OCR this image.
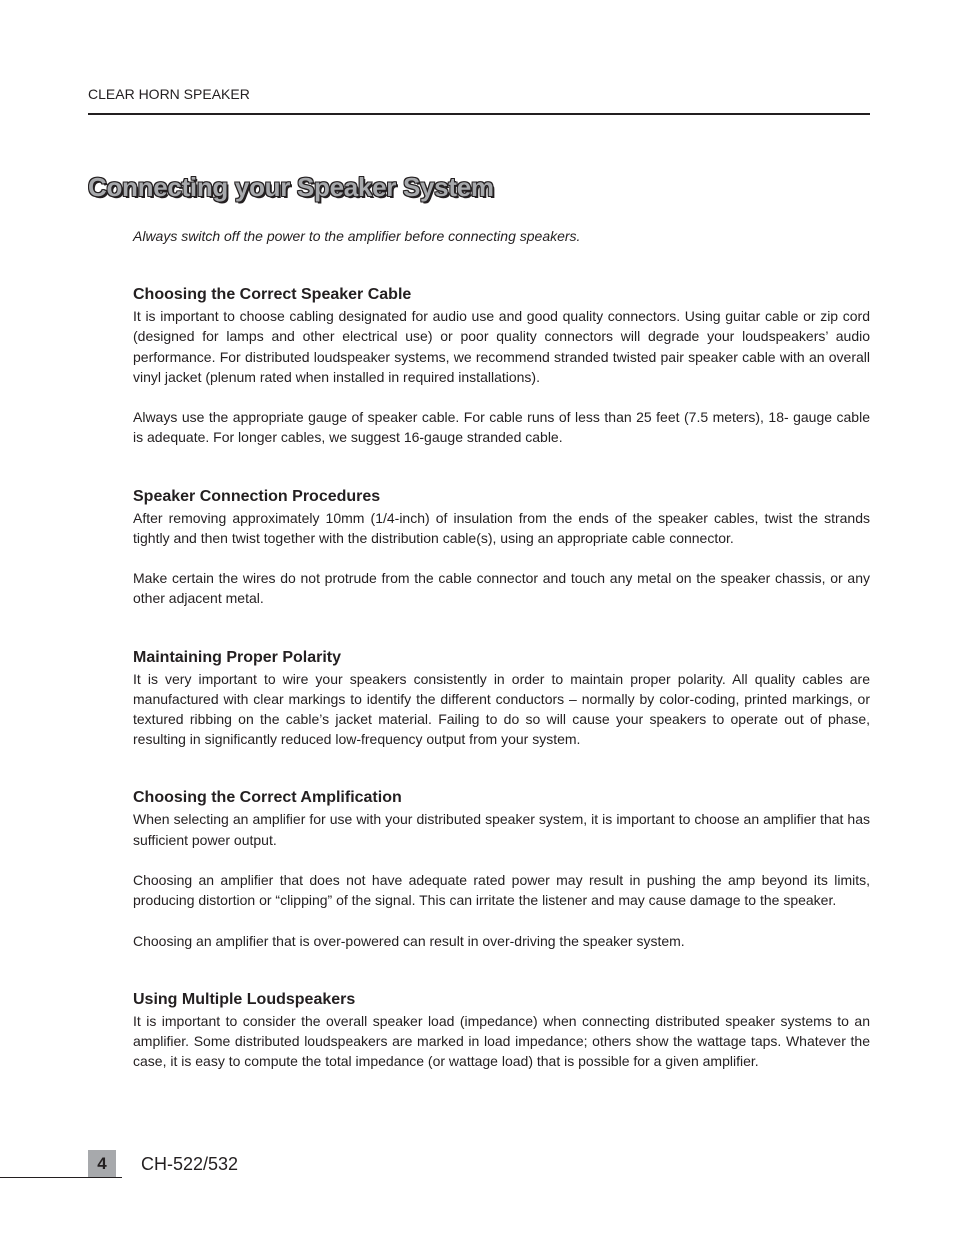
CLEAR HORN SPEAKER
Connecting your Speaker System

Always switch off the power to the amplifier before connecting speakers.

Choosing the Correct Speaker Cable

It is important to choose cabling designated for audio use and good quality connectors. Using guitar cable or zip cord (designed for lamps and other electrical use) or poor quality connectors will degrade your loudspeakers’ audio performance. For distributed loudspeaker systems, we recommend stranded twisted pair speaker cable with an overall vinyl jacket (plenum rated when installed in required installations).

Always use the appropriate gauge of speaker cable. For cable runs of less than 25 feet (7.5 meters), 18- gauge cable is adequate. For longer cables, we suggest 16-gauge stranded cable.

Speaker Connection Procedures

After removing approximately 10mm (1/4-inch) of insulation from the ends of the speaker cables, twist the strands tightly and then twist together with the distribution cable(s), using an appropriate cable connector.

Make certain the wires do not protrude from the cable connector and touch any metal on the speaker chassis, or any other adjacent metal.

Maintaining Proper Polarity

It is very important to wire your speakers consistently in order to maintain proper polarity. All quality cables are manufactured with clear markings to identify the different conductors – normally by color-coding, printed markings, or textured ribbing on the cable’s jacket material. Failing to do so will cause your speakers to operate out of phase, resulting in significantly reduced low-frequency output from your system.

Choosing the Correct Amplification

When selecting an amplifier for use with your distributed speaker system, it is important to choose an amplifier that has sufficient power output.

Choosing an amplifier that does not have adequate rated power may result in pushing the amp beyond its limits, producing distortion or “clipping” of the signal. This can irritate the listener and may cause damage to the speaker.

Choosing an amplifier that is over-powered can result in over-driving the speaker system.

Using Multiple Loudspeakers

It is important to consider the overall speaker load (impedance) when connecting distributed speaker systems to an amplifier. Some distributed loudspeakers are marked in load impedance; others show the wattage taps. Whatever the case, it is easy to compute the total impedance (or wattage load) that is possible for a given amplifier.

4	CH-522/532
